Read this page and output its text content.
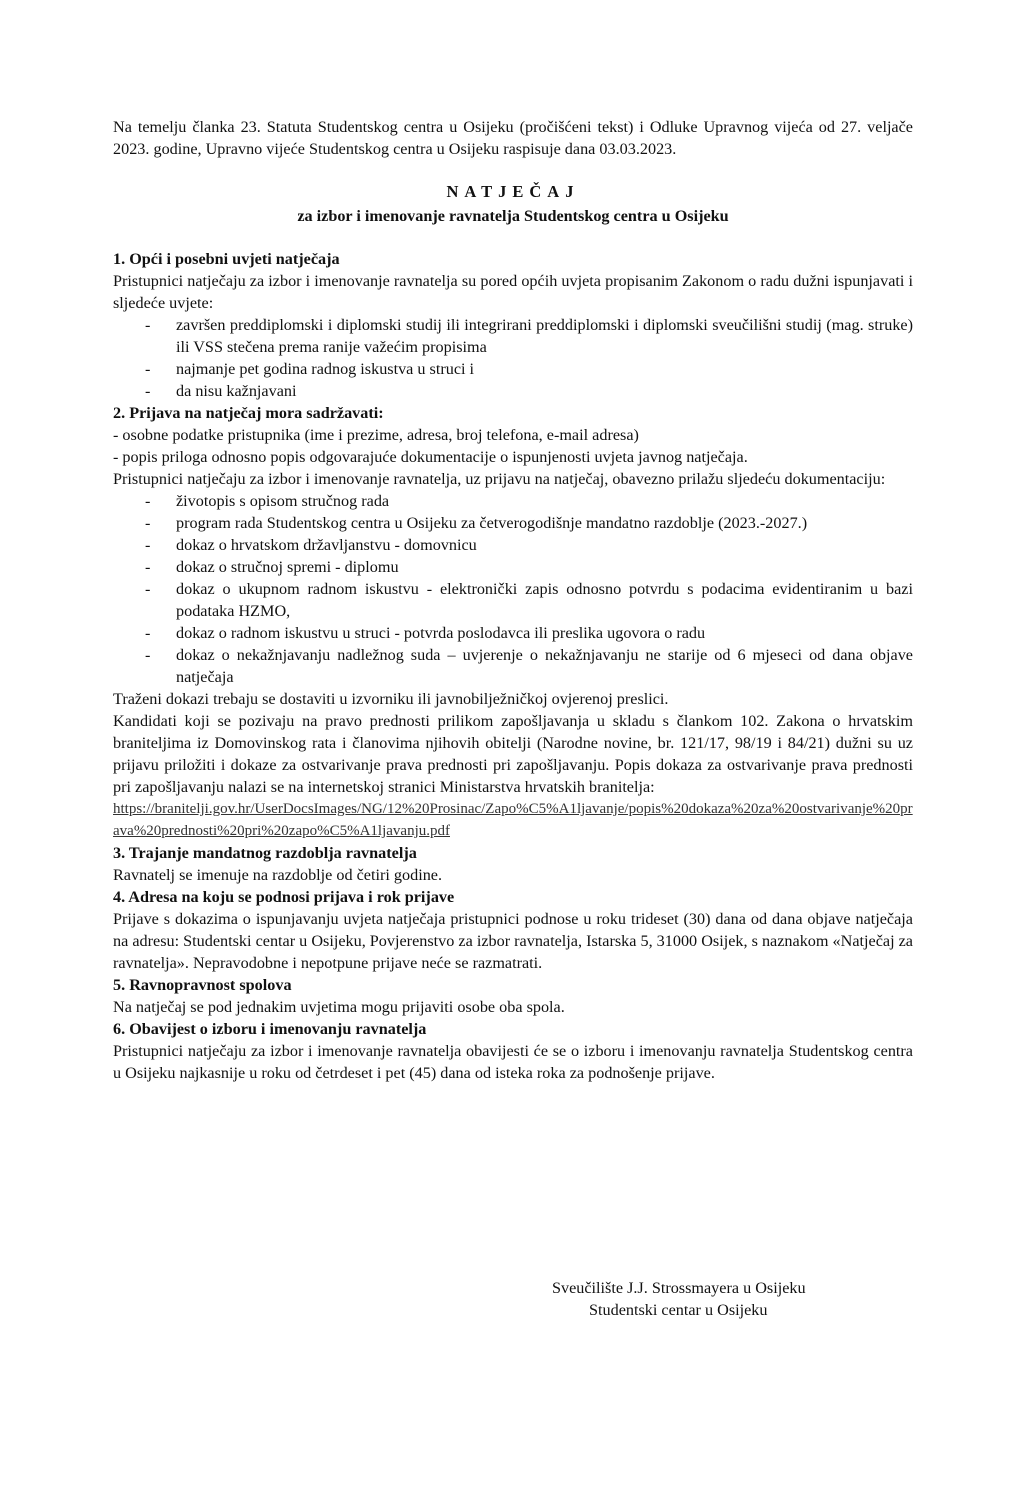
Na temelju članka 23. Statuta Studentskog centra u Osijeku (pročišćeni tekst) i Odluke Upravnog vijeća od 27. veljače 2023. godine, Upravno vijeće Studentskog centra u Osijeku raspisuje dana 03.03.2023.

NATJEČAJ

za izbor i imenovanje ravnatelja Studentskog centra u Osijeku

1. Opći i posebni uvjeti natječaja

Pristupnici natječaju za izbor i imenovanje ravnatelja su pored općih uvjeta propisanim Zakonom o radu dužni ispunjavati i sljedeće uvjete:

- završen preddiplomski i diplomski studij ili integrirani preddiplomski i diplomski sveučilišni studij (mag. struke) ili VSS stečena prema ranije važećim propisima
- najmanje pet godina radnog iskustva u struci i
- da nisu kažnjavani

2. Prijava na natječaj mora sadržavati:

- osobne podatke pristupnika (ime i prezime, adresa, broj telefona, e-mail adresa)

- popis priloga odnosno popis odgovarajuće dokumentacije o ispunjenosti uvjeta javnog natječaja.

Pristupnici natječaju za izbor i imenovanje ravnatelja, uz prijavu na natječaj, obavezno prilažu sljedeću dokumentaciju:

- životopis s opisom stručnog rada
- program rada Studentskog centra u Osijeku za četverogodišnje mandatno razdoblje (2023.-2027.)
- dokaz o hrvatskom državljanstvu - domovnicu
- dokaz o stručnoj spremi - diplomu
- dokaz o ukupnom radnom iskustvu - elektronički zapis odnosno potvrdu s podacima evidentiranim u bazi podataka HZMO,
- dokaz o radnom iskustvu u struci - potvrda poslodavca ili preslika ugovora o radu
- dokaz o nekažnjavanju nadležnog suda – uvjerenje o nekažnjavanju ne starije od 6 mjeseci od dana objave natječaja

Traženi dokazi trebaju se dostaviti u izvorniku ili javnobilježničkoj ovjerenoj preslici.

Kandidati koji se pozivaju na pravo prednosti prilikom zapošljavanja u skladu s člankom 102. Zakona o hrvatskim braniteljima iz Domovinskog rata i članovima njihovih obitelji (Narodne novine, br. 121/17, 98/19 i 84/21) dužni su uz prijavu priložiti i dokaze za ostvarivanje prava prednosti pri zapošljavanju. Popis dokaza za ostvarivanje prava prednosti pri zapošljavanju nalazi se na internetskoj stranici Ministarstva hrvatskih branitelja:

https://branitelji.gov.hr/UserDocsImages/NG/12%20Prosinac/Zapo%C5%A1ljavanje/popis%20dokaza%20za%20ostvarivanje%20prava%20prednosti%20pri%20zapo%C5%A1ljavanju.pdf

3. Trajanje mandatnog razdoblja ravnatelja

Ravnatelj se imenuje na razdoblje od četiri godine.

4. Adresa na koju se podnosi prijava i rok prijave

Prijave s dokazima o ispunjavanju uvjeta natječaja pristupnici podnose u roku trideset (30) dana od dana objave natječaja na adresu: Studentski centar u Osijeku, Povjerenstvo za izbor ravnatelja, Istarska 5, 31000 Osijek, s naznakom «Natječaj za ravnatelja». Nepravodobne i nepotpune prijave neće se razmatrati.

5. Ravnopravnost spolova

Na natječaj se pod jednakim uvjetima mogu prijaviti osobe oba spola.

6. Obavijest o izboru i imenovanju ravnatelja

Pristupnici natječaju za izbor i imenovanje ravnatelja obavijesti će se o izboru i imenovanju ravnatelja Studentskog centra u Osijeku najkasnije u roku od četrdeset i pet (45) dana od isteka roka za podnošenje prijave.

Sveučilište J.J. Strossmayera u Osijeku

Studentski centar u Osijeku
